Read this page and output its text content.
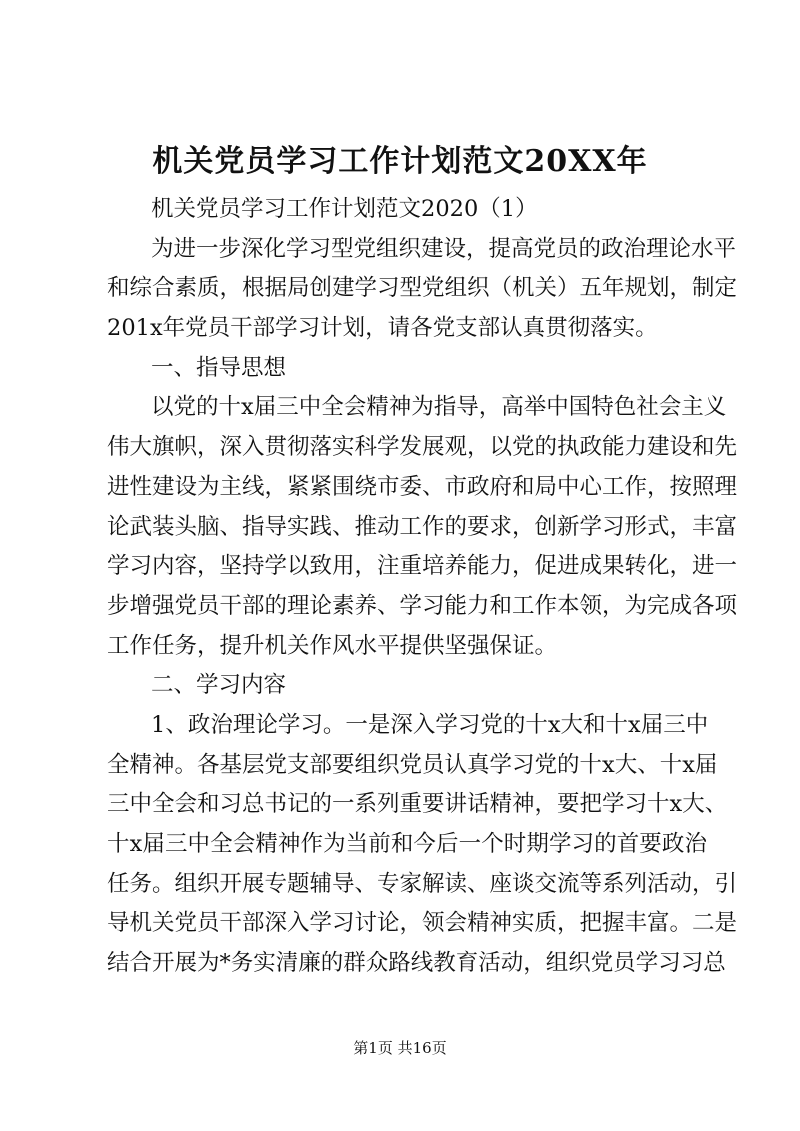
机关党员学习工作计划范文20XX年
机关党员学习工作计划范文2020（1）
为进一步深化学习型党组织建设，提高党员的政治理论水平
和综合素质，根据局创建学习型党组织（机关）五年规划，制定
201x年党员干部学习计划，请各党支部认真贯彻落实。
一、指导思想
以党的十x届三中全会精神为指导，高举中国特色社会主义
伟大旗帜，深入贯彻落实科学发展观，以党的执政能力建设和先
进性建设为主线，紧紧围绕市委、市政府和局中心工作，按照理
论武装头脑、指导实践、推动工作的要求，创新学习形式，丰富
学习内容，坚持学以致用，注重培养能力，促进成果转化，进一
步增强党员干部的理论素养、学习能力和工作本领，为完成各项
工作任务，提升机关作风水平提供坚强保证。
二、学习内容
1、政治理论学习。一是深入学习党的十x大和十x届三中
全精神。各基层党支部要组织党员认真学习党的十x大、十x届
三中全会和习总书记的一系列重要讲话精神，要把学习十x大、
十x届三中全会精神作为当前和今后一个时期学习的首要政治
任务。组织开展专题辅导、专家解读、座谈交流等系列活动，引
导机关党员干部深入学习讨论，领会精神实质，把握丰富。二是
结合开展为*务实清廉的群众路线教育活动，组织党员学习习总
第1页 共16页
